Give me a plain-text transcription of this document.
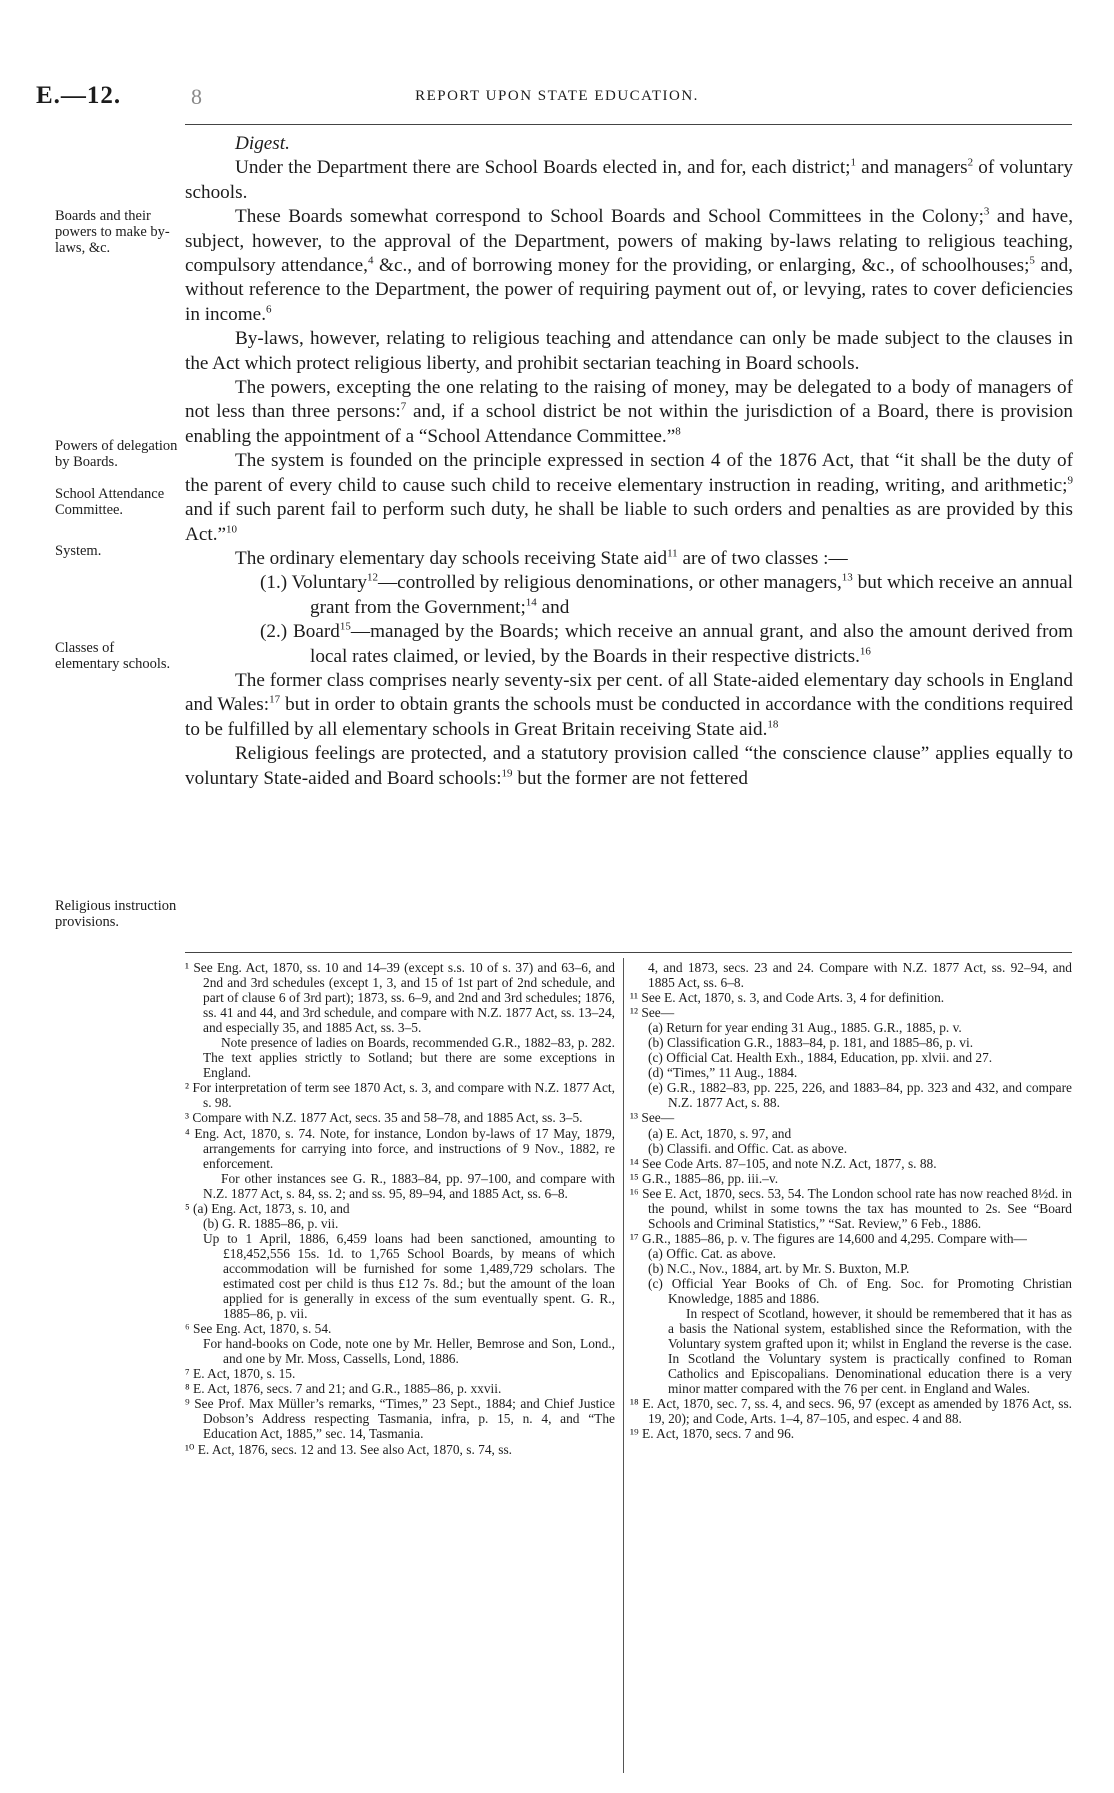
E.—12.	8	REPORT UPON STATE EDUCATION.
Boards and their powers to make by-laws, &c.
Powers of delegation by Boards.
School Attendance Committee.
System.
Classes of elementary schools.
Religious instruction provisions.

Digest.

Under the Department there are School Boards elected in, and for, each district;$^1$ and managers$^2$ of voluntary schools.

These Boards somewhat correspond to School Boards and School Committees in the Colony;$^3$ and have, subject, however, to the approval of the Department, powers of making by-laws relating to religious teaching, compulsory attendance,$^4$ &c., and of borrowing money for the providing, or enlarging, &c., of schoolhouses;$^5$ and, without reference to the Department, the power of requiring payment out of, or levying, rates to cover deficiencies in income.$^6$

By-laws, however, relating to religious teaching and attendance can only be made subject to the clauses in the Act which protect religious liberty, and prohibit sectarian teaching in Board schools.

The powers, excepting the one relating to the raising of money, may be delegated to a body of managers of not less than three persons:$^7$ and, if a school district be not within the jurisdiction of a Board, there is provision enabling the appointment of a “School Attendance Committee.”$^8$

The system is founded on the principle expressed in section 4 of the 1876 Act, that “it shall be the duty of the parent of every child to cause such child to receive elementary instruction in reading, writing, and arithmetic;$^9$ and if such parent fail to perform such duty, he shall be liable to such orders and penalties as are provided by this Act.”$^{10}$

The ordinary elementary day schools receiving State aid$^{11}$ are of two classes :—

(1.) Voluntary$^{12}$—controlled by religious denominations, or other managers,$^{13}$ but which receive an annual grant from the Government;$^{14}$ and

(2.) Board$^{15}$—managed by the Boards; which receive an annual grant, and also the amount derived from local rates claimed, or levied, by the Boards in their respective districts.$^{16}$

The former class comprises nearly seventy-six per cent. of all State-aided elementary day schools in England and Wales:$^{17}$ but in order to obtain grants the schools must be conducted in accordance with the conditions required to be fulfilled by all elementary schools in Great Britain receiving State aid.$^{18}$

Religious feelings are protected, and a statutory provision called “the conscience clause” applies equally to voluntary State-aided and Board schools:$^{19}$ but the former are not fettered

¹ See Eng. Act, 1870, ss. 10 and 14–39 (except s.s. 10 of s. 37) and 63–6, and 2nd and 3rd schedules (except 1, 3, and 15 of 1st part of 2nd schedule, and part of clause 6 of 3rd part); 1873, ss. 6–9, and 2nd and 3rd schedules; 1876, ss. 41 and 44, and 3rd schedule, and compare with N.Z. 1877 Act, ss. 13–24, and especially 35, and 1885 Act, ss. 3–5.

Note presence of ladies on Boards, recommended G.R., 1882–83, p. 282. The text applies strictly to Sotland; but there are some exceptions in England.

² For interpretation of term see 1870 Act, s. 3, and compare with N.Z. 1877 Act, s. 98.

³ Compare with N.Z. 1877 Act, secs. 35 and 58–78, and 1885 Act, ss. 3–5.

⁴ Eng. Act, 1870, s. 74. Note, for instance, London by-laws of 17 May, 1879, arrangements for carrying into force, and instructions of 9 Nov., 1882, re enforcement.

For other instances see G. R., 1883–84, pp. 97–100, and compare with N.Z. 1877 Act, s. 84, ss. 2; and ss. 95, 89–94, and 1885 Act, ss. 6–8.

⁵ (a) Eng. Act, 1873, s. 10, and

(b) G. R. 1885–86, p. vii.

Up to 1 April, 1886, 6,459 loans had been sanctioned, amounting to £18,452,556 15s. 1d. to 1,765 School Boards, by means of which accommodation will be furnished for some 1,489,729 scholars. The estimated cost per child is thus £12 7s. 8d.; but the amount of the loan applied for is generally in excess of the sum eventually spent. G. R., 1885–86, p. vii.

⁶ See Eng. Act, 1870, s. 54.

For hand-books on Code, note one by Mr. Heller, Bemrose and Son, Lond., and one by Mr. Moss, Cassells, Lond, 1886.

⁷ E. Act, 1870, s. 15.

⁸ E. Act, 1876, secs. 7 and 21; and G.R., 1885–86, p. xxvii.

⁹ See Prof. Max Müller’s remarks, “Times,” 23 Sept., 1884; and Chief Justice Dobson’s Address respecting Tasmania, infra, p. 15, n. 4, and “The Education Act, 1885,” sec. 14, Tasmania.

¹⁰ E. Act, 1876, secs. 12 and 13. See also Act, 1870, s. 74, ss.

4, and 1873, secs. 23 and 24. Compare with N.Z. 1877 Act, ss. 92–94, and 1885 Act, ss. 6–8.

¹¹ See E. Act, 1870, s. 3, and Code Arts. 3, 4 for definition.

¹² See—

(a) Return for year ending 31 Aug., 1885. G.R., 1885, p. v.

(b) Classification G.R., 1883–84, p. 181, and 1885–86, p. vi.

(c) Official Cat. Health Exh., 1884, Education, pp. xlvii. and 27.

(d) “Times,” 11 Aug., 1884.

(e) G.R., 1882–83, pp. 225, 226, and 1883–84, pp. 323 and 432, and compare N.Z. 1877 Act, s. 88.

¹³ See—

(a) E. Act, 1870, s. 97, and

(b) Classifi. and Offic. Cat. as above.

¹⁴ See Code Arts. 87–105, and note N.Z. Act, 1877, s. 88.

¹⁵ G.R., 1885–86, pp. iii.–v.

¹⁶ See E. Act, 1870, secs. 53, 54. The London school rate has now reached 8½d. in the pound, whilst in some towns the tax has mounted to 2s. See “Board Schools and Criminal Statistics,” “Sat. Review,” 6 Feb., 1886.

¹⁷ G.R., 1885–86, p. v. The figures are 14,600 and 4,295. Compare with—

(a) Offic. Cat. as above.

(b) N.C., Nov., 1884, art. by Mr. S. Buxton, M.P.

(c) Official Year Books of Ch. of Eng. Soc. for Promoting Christian Knowledge, 1885 and 1886.

In respect of Scotland, however, it should be remembered that it has as a basis the National system, established since the Reformation, with the Voluntary system grafted upon it; whilst in England the reverse is the case. In Scotland the Voluntary system is practically confined to Roman Catholics and Episcopalians. Denominational education there is a very minor matter compared with the 76 per cent. in England and Wales.

¹⁸ E. Act, 1870, sec. 7, ss. 4, and secs. 96, 97 (except as amended by 1876 Act, ss. 19, 20); and Code, Arts. 1–4, 87–105, and espec. 4 and 88.

¹⁹ E. Act, 1870, secs. 7 and 96.
